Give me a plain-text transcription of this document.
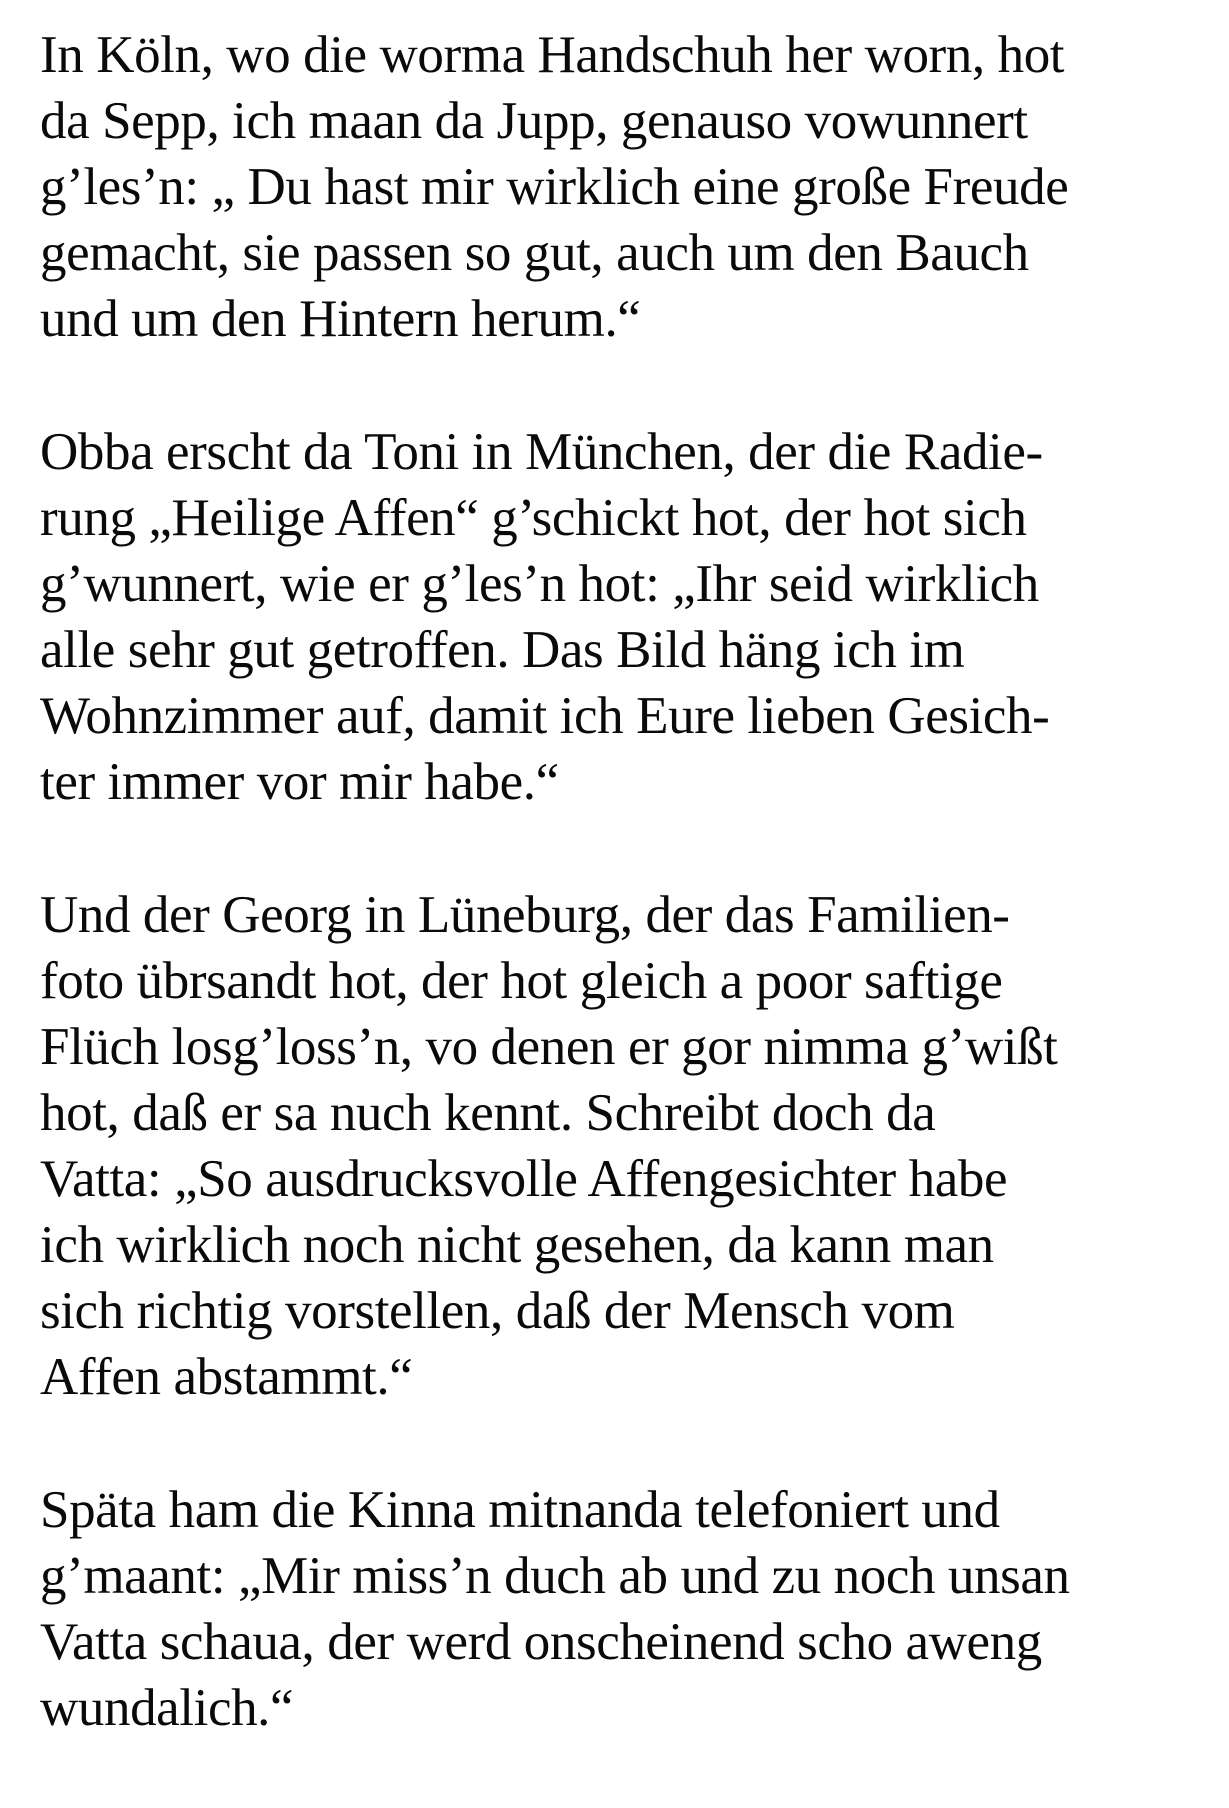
In Köln, wo die worma Handschuh her worn, hot
da Sepp, ich maan da Jupp, genauso vowunnert
g’les’n: „ Du hast mir wirklich eine große Freude
gemacht, sie passen so gut, auch um den Bauch
und um den Hintern herum.“

Obba erscht da Toni in München, der die Radie-
rung „Heilige Affen“ g’schickt hot, der hot sich
g’wunnert, wie er g’les’n hot: „Ihr seid wirklich
alle sehr gut getroffen. Das Bild häng ich im
Wohnzimmer auf, damit ich Eure lieben Gesich-
ter immer vor mir habe.“

Und der Georg in Lüneburg, der das Familien-
foto übrsandt hot, der hot gleich a poor saftige
Flüch losg’loss’n, vo denen er gor nimma g’wißt
hot, daß er sa nuch kennt. Schreibt doch da
Vatta: „So ausdrucksvolle Affengesichter habe
ich wirklich noch nicht gesehen, da kann man
sich richtig vorstellen, daß der Mensch vom
Affen abstammt.“

Späta ham die Kinna mitnanda telefoniert und
g’maant: „Mir miss’n duch ab und zu noch unsan
Vatta schaua, der werd onscheinend scho aweng
wundalich.“
